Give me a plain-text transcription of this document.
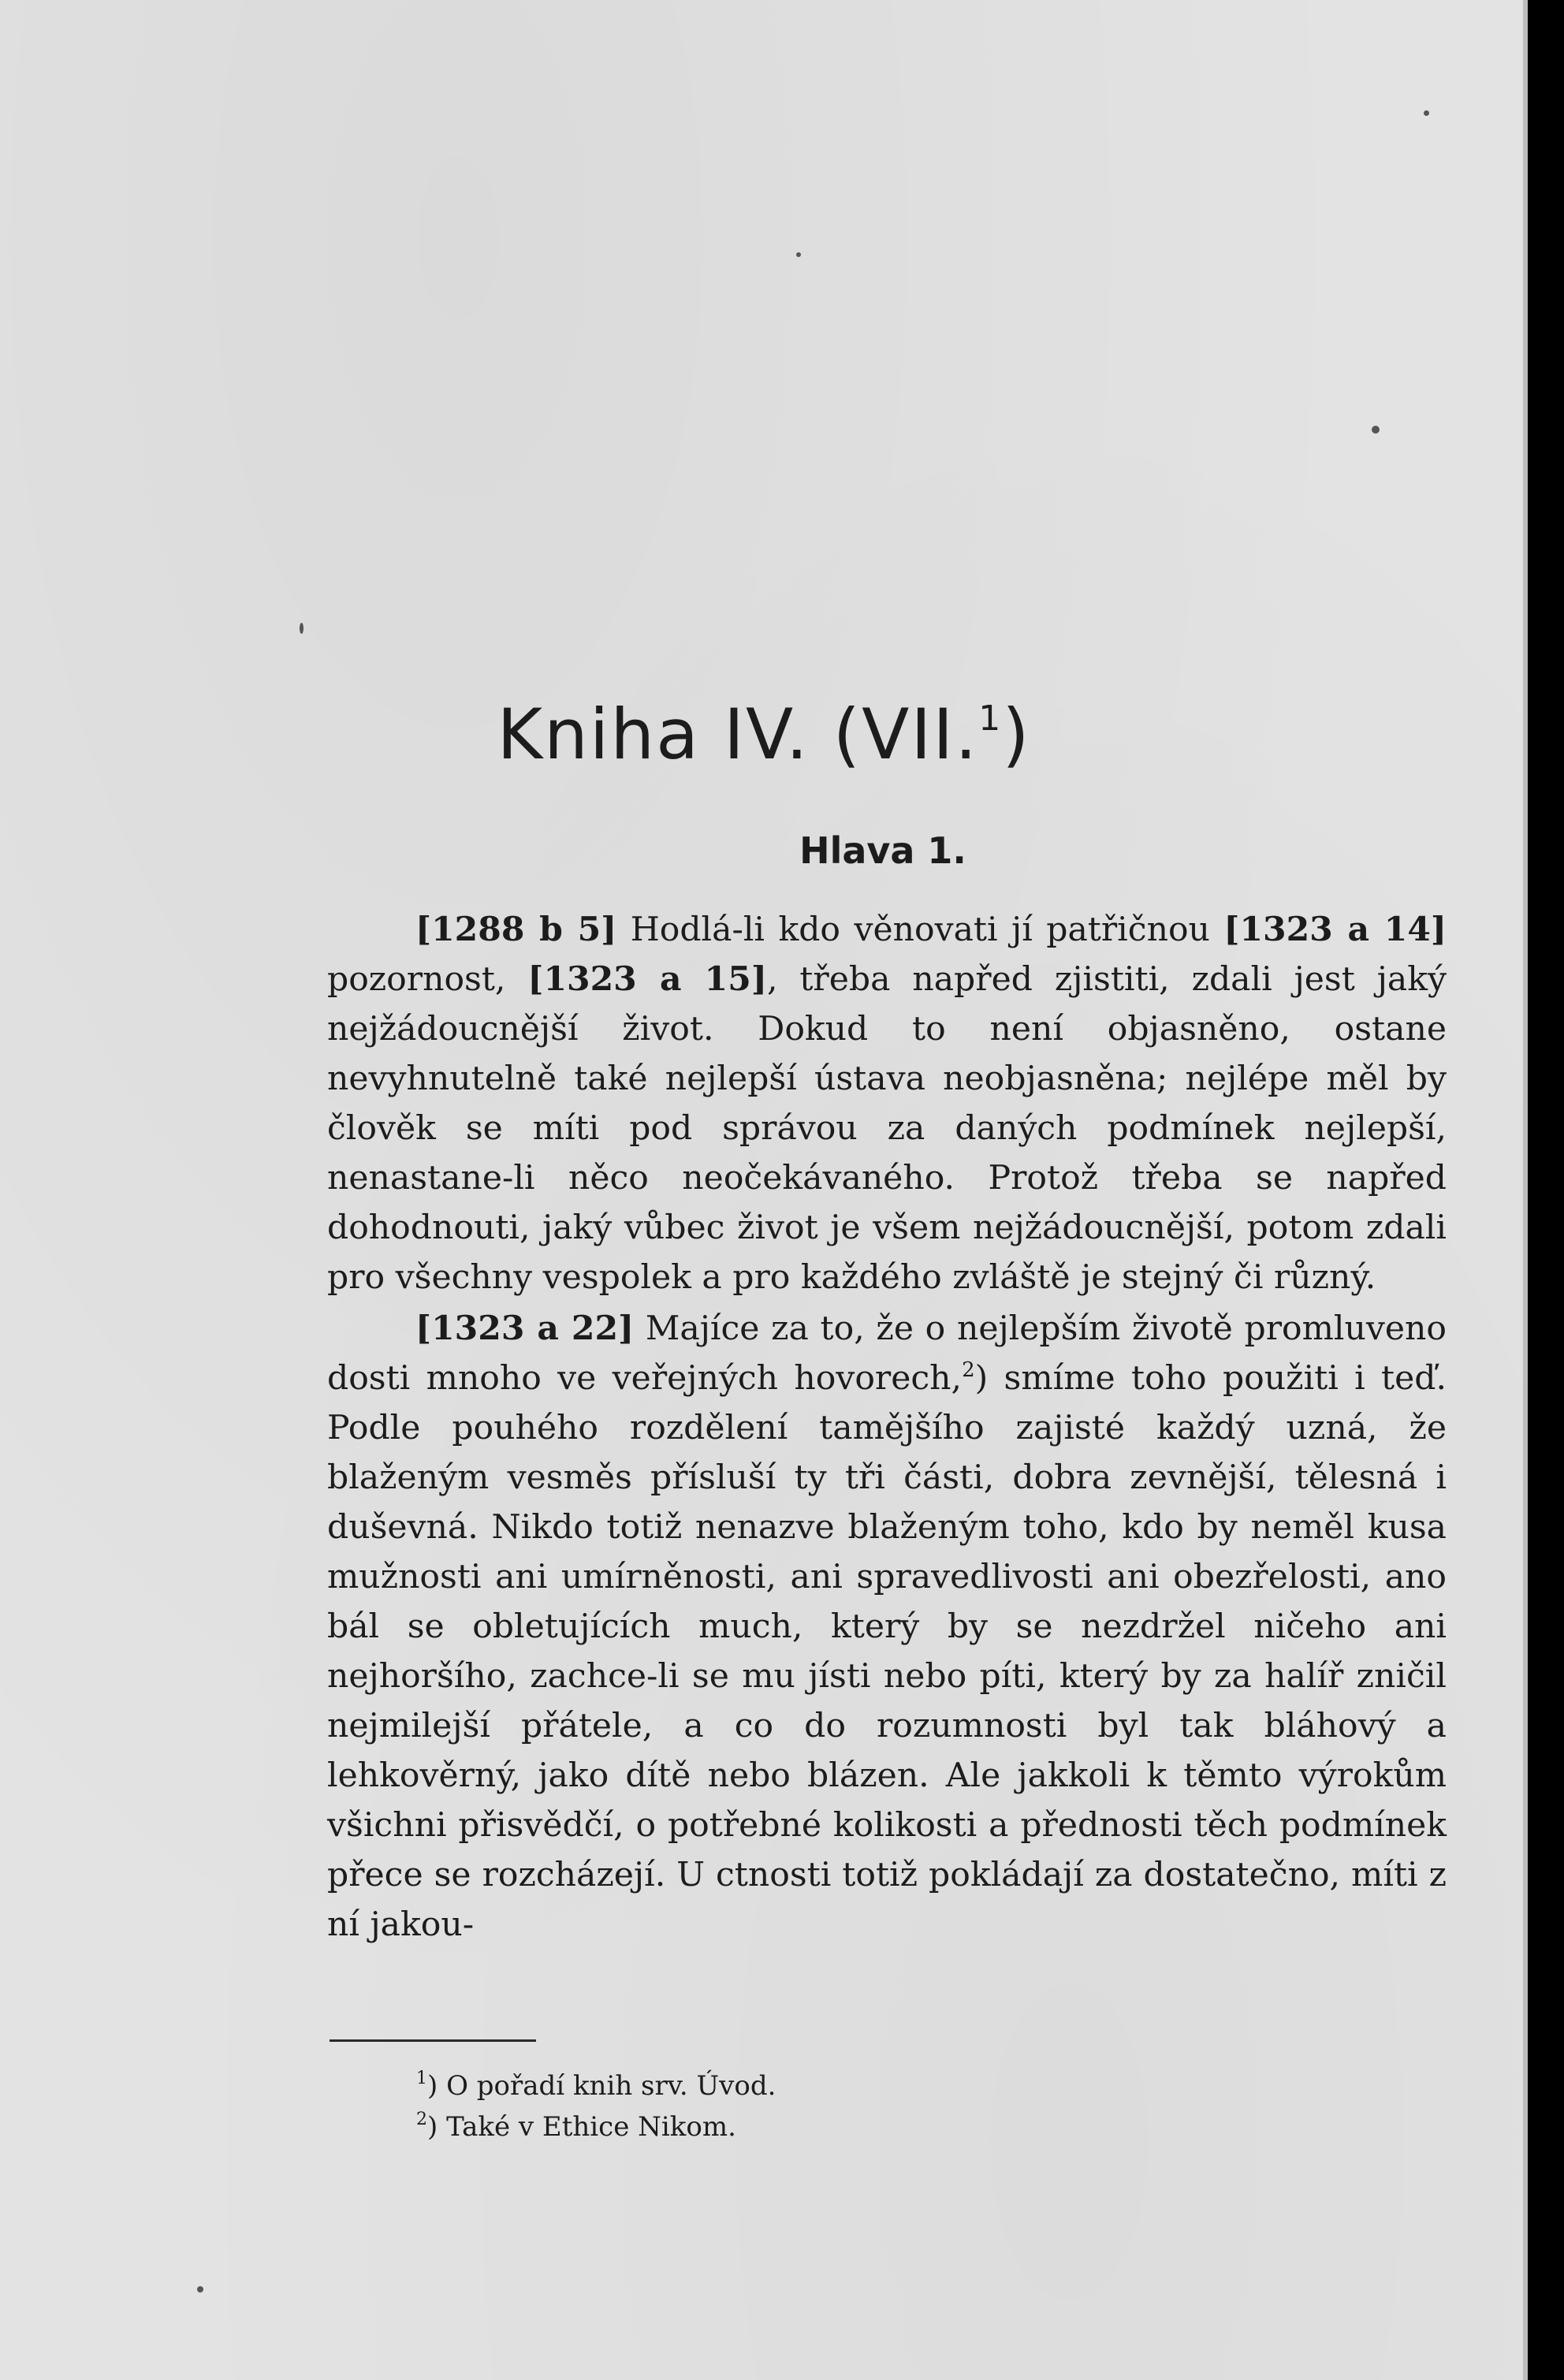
Kniha IV. (VII.$^1$)
Hlava 1.

[1288 b 5] Hodlá-li kdo věnovati jí patřičnou [1323 a 14] pozornost, [1323 a 15], třeba napřed zjistiti, zdali jest jaký nejžádoucnější život. Dokud to není objasněno, ostane nevyhnutelně také nejlepší ústava neobjasněna; nejlépe měl by člověk se míti pod správou za daných podmínek nejlepší, nenastane-li něco neočekávaného. Protož třeba se napřed dohodnouti, jaký vůbec život je všem nejžádoucnější, potom zdali pro všechny vespolek a pro každého zvláště je stejný či různý.

[1323 a 22] Majíce za to, že o nejlepším životě promluveno dosti mnoho ve veřejných hovorech,$^2$) smíme toho použiti i teď. Podle pouhého rozdělení tamějšího zajisté každý uzná, že blaženým vesměs přísluší ty tři části, dobra zevnější, tělesná i duševná. Nikdo totiž nenazve blaženým toho, kdo by neměl kusa mužnosti ani umírněnosti, ani spravedlivosti ani obezřelosti, ano bál se obletujících much, který by se nezdržel ničeho ani nejhoršího, zachce-li se mu jísti nebo píti, který by za halíř zničil nejmilejší přátele, a co do rozumnosti byl tak bláhový a lehkověrný, jako dítě nebo blázen. Ale jakkoli k těmto výrokům všichni přisvědčí, o potřebné kolikosti a přednosti těch podmínek přece se rozcházejí. U ctnosti totiž pokládají za dostatečno, míti z ní jakou-

$^1$) O pořadí knih srv. Úvod.
$^2$) Také v Ethice Nikom.
